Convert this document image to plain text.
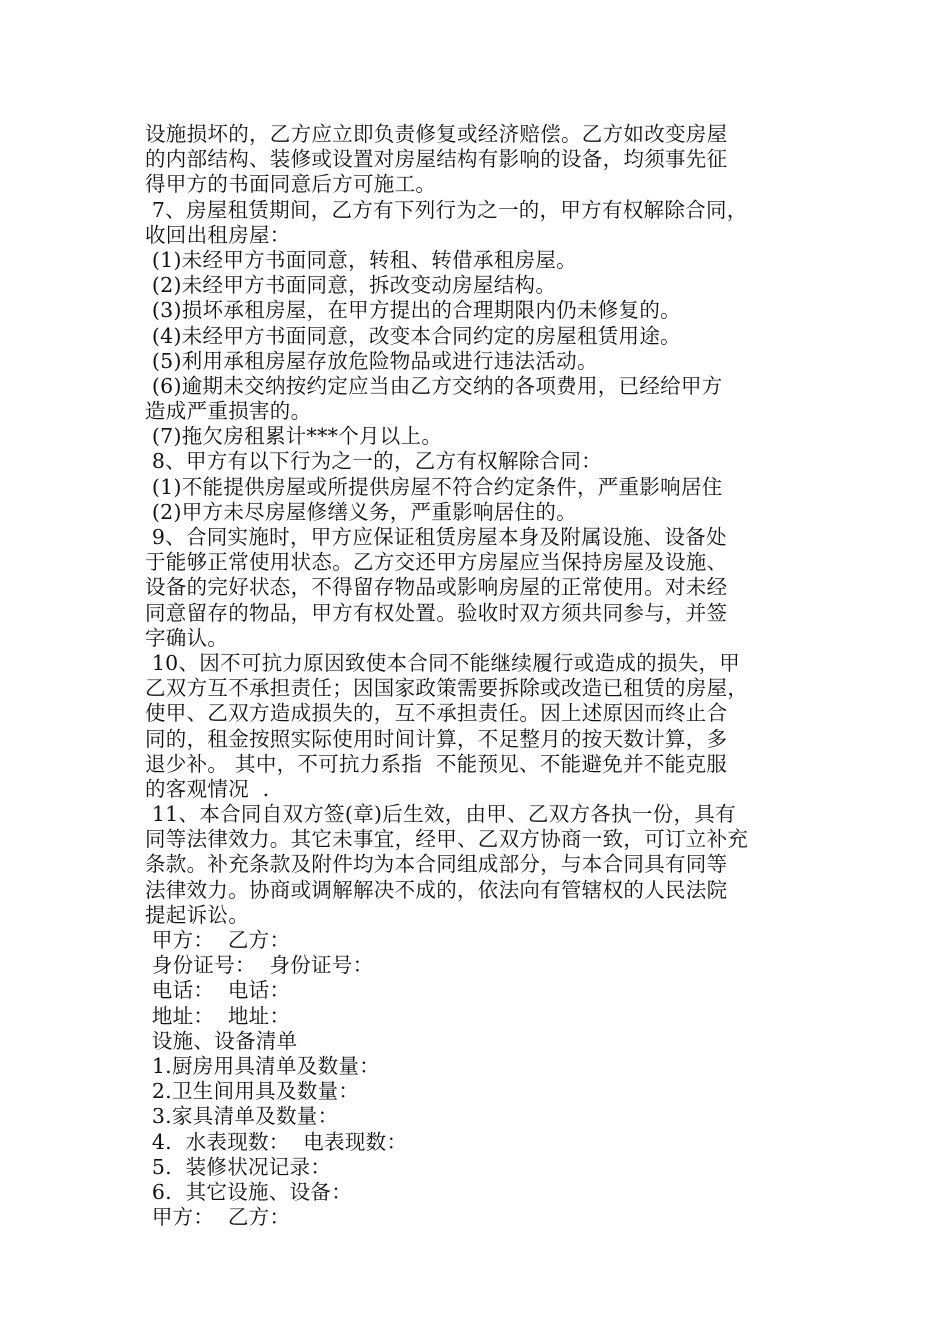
设施损坏的，乙方应立即负责修复或经济赔偿。乙方如改变房屋
的内部结构、装修或设置对房屋结构有影响的设备，均须事先征
得甲方的书面同意后方可施工。
7、房屋租赁期间，乙方有下列行为之一的，甲方有权解除合同，
收回出租房屋：
(1)未经甲方书面同意，转租、转借承租房屋。
(2)未经甲方书面同意，拆改变动房屋结构。
(3)损坏承租房屋，在甲方提出的合理期限内仍未修复的。
(4)未经甲方书面同意，改变本合同约定的房屋租赁用途。
(5)利用承租房屋存放危险物品或进行违法活动。
(6)逾期未交纳按约定应当由乙方交纳的各项费用，已经给甲方
造成严重损害的。
(7)拖欠房租累计***个月以上。
8、甲方有以下行为之一的，乙方有权解除合同：
(1)不能提供房屋或所提供房屋不符合约定条件，严重影响居住
(2)甲方未尽房屋修缮义务，严重影响居住的。
9、合同实施时，甲方应保证租赁房屋本身及附属设施、设备处
于能够正常使用状态。乙方交还甲方房屋应当保持房屋及设施、
设备的完好状态，不得留存物品或影响房屋的正常使用。对未经
同意留存的物品，甲方有权处置。验收时双方须共同参与，并签
字确认。
10、因不可抗力原因致使本合同不能继续履行或造成的损失，甲
乙双方互不承担责任；因国家政策需要拆除或改造已租赁的房屋，
使甲、乙双方造成损失的，互不承担责任。因上述原因而终止合
同的，租金按照实际使用时间计算，不足整月的按天数计算，多
退少补。 其中，不可抗力系指  不能预见、不能避免并不能克服
的客观情况  .
11、本合同自双方签(章)后生效，由甲、乙双方各执一份，具有
同等法律效力。其它未事宜，经甲、乙双方协商一致，可订立补充
条款。补充条款及附件均为本合同组成部分，与本合同具有同等
法律效力。协商或调解解决不成的，依法向有管辖权的人民法院
提起诉讼。
甲方：  乙方：
身份证号：  身份证号：
电话：  电话：
地址：  地址：
设施、设备清单
1.厨房用具清单及数量：
2.卫生间用具及数量：
3.家具清单及数量：
4.  水表现数：  电表现数：
5.  装修状况记录：
6.  其它设施、设备：
甲方：  乙方：
